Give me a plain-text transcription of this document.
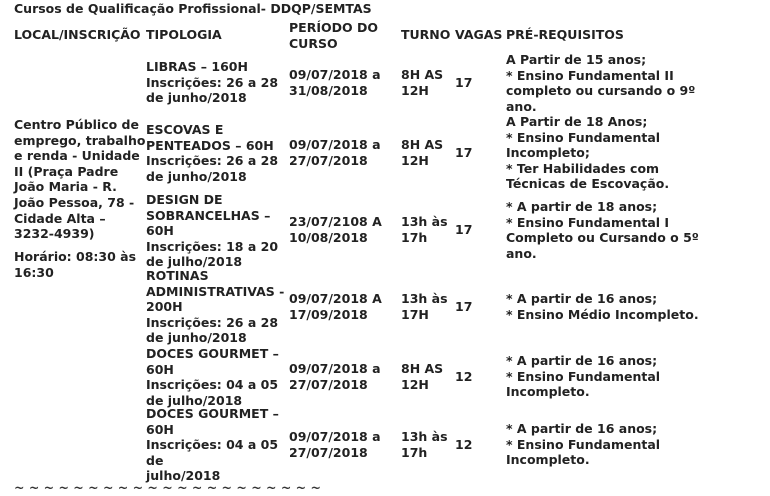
Cursos de Qualificação Profissional- DDQP/SEMTAS
LOCAL/INSCRIÇÃO TIPOLOGIA	PERÍODO DO
CURSO
TURNO VAGAS PRÉ-REQUISITOS
Centro Público de
emprego, trabalho
e renda - Unidade
II (Praça Padre
João Maria - R.
João Pessoa, 78 -
Cidade Alta –
3232-4939)
Horário: 08:30 às
16:30
LIBRAS – 160H
Inscrições: 26 a 28
de junho/2018
09/07/2018 a
31/08/2018
8H AS
12H
17
A Partir de 15 anos;
* Ensino Fundamental II
completo ou cursando o 9º
ano.
ESCOVAS E
PENTEADOS – 60H
Inscrições: 26 a 28
de junho/2018
09/07/2018 a
27/07/2018
8H AS
12H
17
A Partir de 18 Anos;
* Ensino Fundamental
Incompleto;
* Ter Habilidades com
Técnicas de Escovação.
DESIGN DE
SOBRANCELHAS –
60H
Inscrições: 18 a 20
de julho/2018
23/07/2108 A
10/08/2018
13h às
17h
17
* A partir de 18 anos;
* Ensino Fundamental I
Completo ou Cursando o 5º
ano.
ROTINAS
ADMINISTRATIVAS -
200H
Inscrições: 26 a 28
de junho/2018
09/07/2018 A
17/09/2018
13h às
17H
17
* A partir de 16 anos;
* Ensino Médio Incompleto.
DOCES GOURMET –
60H
Inscrições: 04 a 05
de julho/2018
09/07/2018 a
27/07/2018
8H AS
12H
12
* A partir de 16 anos;
* Ensino Fundamental
Incompleto.
DOCES GOURMET –
60H
Inscrições: 04 a 05
de
julho/2018
09/07/2018 a
27/07/2018
13h às
17h
12
* A partir de 16 anos;
* Ensino Fundamental
Incompleto.
~ ~ ~ ~ ~ ~ ~ ~ ~ ~ ~ ~ ~ ~ ~ ~ ~ ~ ~ ~ ~
